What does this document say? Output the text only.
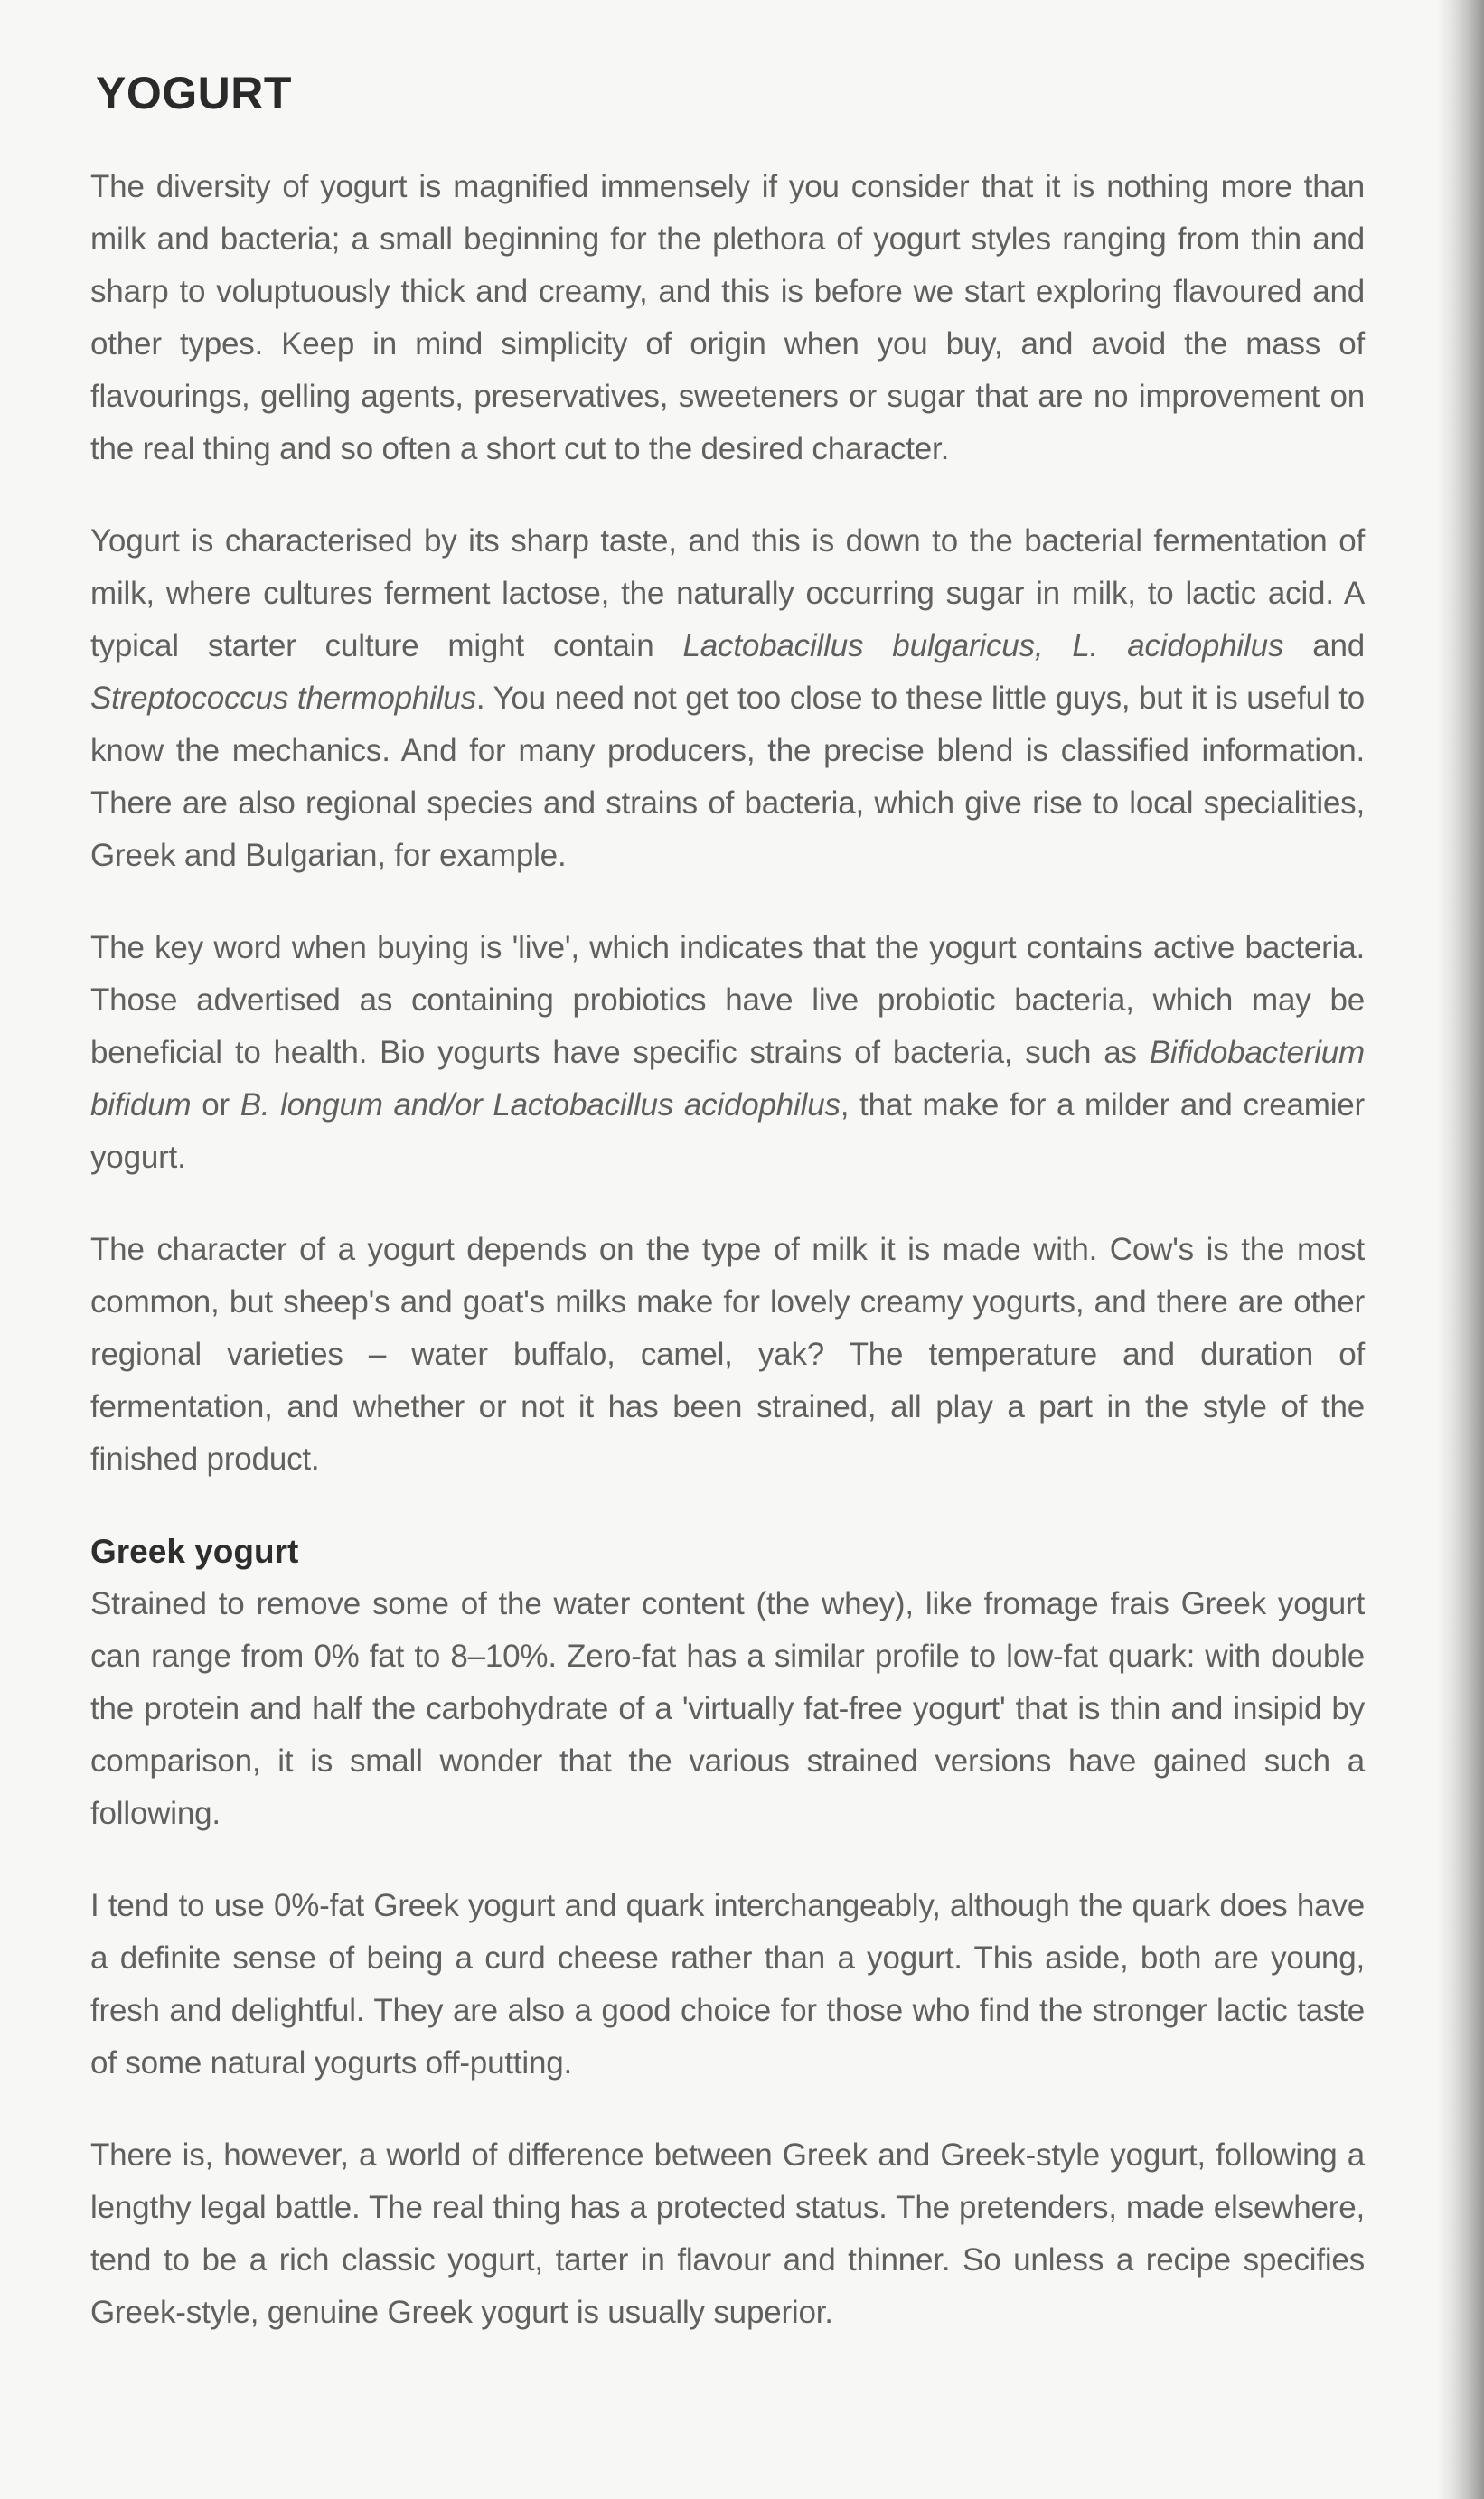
YOGURT

The diversity of yogurt is magnified immensely if you consider that it is nothing more than milk and bacteria; a small beginning for the plethora of yogurt styles ranging from thin and sharp to voluptuously thick and creamy, and this is before we start exploring flavoured and other types. Keep in mind simplicity of origin when you buy, and avoid the mass of flavourings, gelling agents, preservatives, sweeteners or sugar that are no improvement on the real thing and so often a short cut to the desired character.

Yogurt is characterised by its sharp taste, and this is down to the bacterial fermentation of milk, where cultures ferment lactose, the naturally occurring sugar in milk, to lactic acid. A typical starter culture might contain Lactobacillus bulgaricus, L. acidophilus and Streptococcus thermophilus. You need not get too close to these little guys, but it is useful to know the mechanics. And for many producers, the precise blend is classified information. There are also regional species and strains of bacteria, which give rise to local specialities, Greek and Bulgarian, for example.

The key word when buying is 'live', which indicates that the yogurt contains active bacteria. Those advertised as containing probiotics have live probiotic bacteria, which may be beneficial to health. Bio yogurts have specific strains of bacteria, such as Bifidobacterium bifidum or B. longum and/or Lactobacillus acidophilus, that make for a milder and creamier yogurt.

The character of a yogurt depends on the type of milk it is made with. Cow's is the most common, but sheep's and goat's milks make for lovely creamy yogurts, and there are other regional varieties – water buffalo, camel, yak? The temperature and duration of fermentation, and whether or not it has been strained, all play a part in the style of the finished product.

Greek yogurt

Strained to remove some of the water content (the whey), like fromage frais Greek yogurt can range from 0% fat to 8–10%. Zero-fat has a similar profile to low-fat quark: with double the protein and half the carbohydrate of a 'virtually fat-free yogurt' that is thin and insipid by comparison, it is small wonder that the various strained versions have gained such a following.

I tend to use 0%-fat Greek yogurt and quark interchangeably, although the quark does have a definite sense of being a curd cheese rather than a yogurt. This aside, both are young, fresh and delightful. They are also a good choice for those who find the stronger lactic taste of some natural yogurts off-putting.

There is, however, a world of difference between Greek and Greek-style yogurt, following a lengthy legal battle. The real thing has a protected status. The pretenders, made elsewhere, tend to be a rich classic yogurt, tarter in flavour and thinner. So unless a recipe specifies Greek-style, genuine Greek yogurt is usually superior.
